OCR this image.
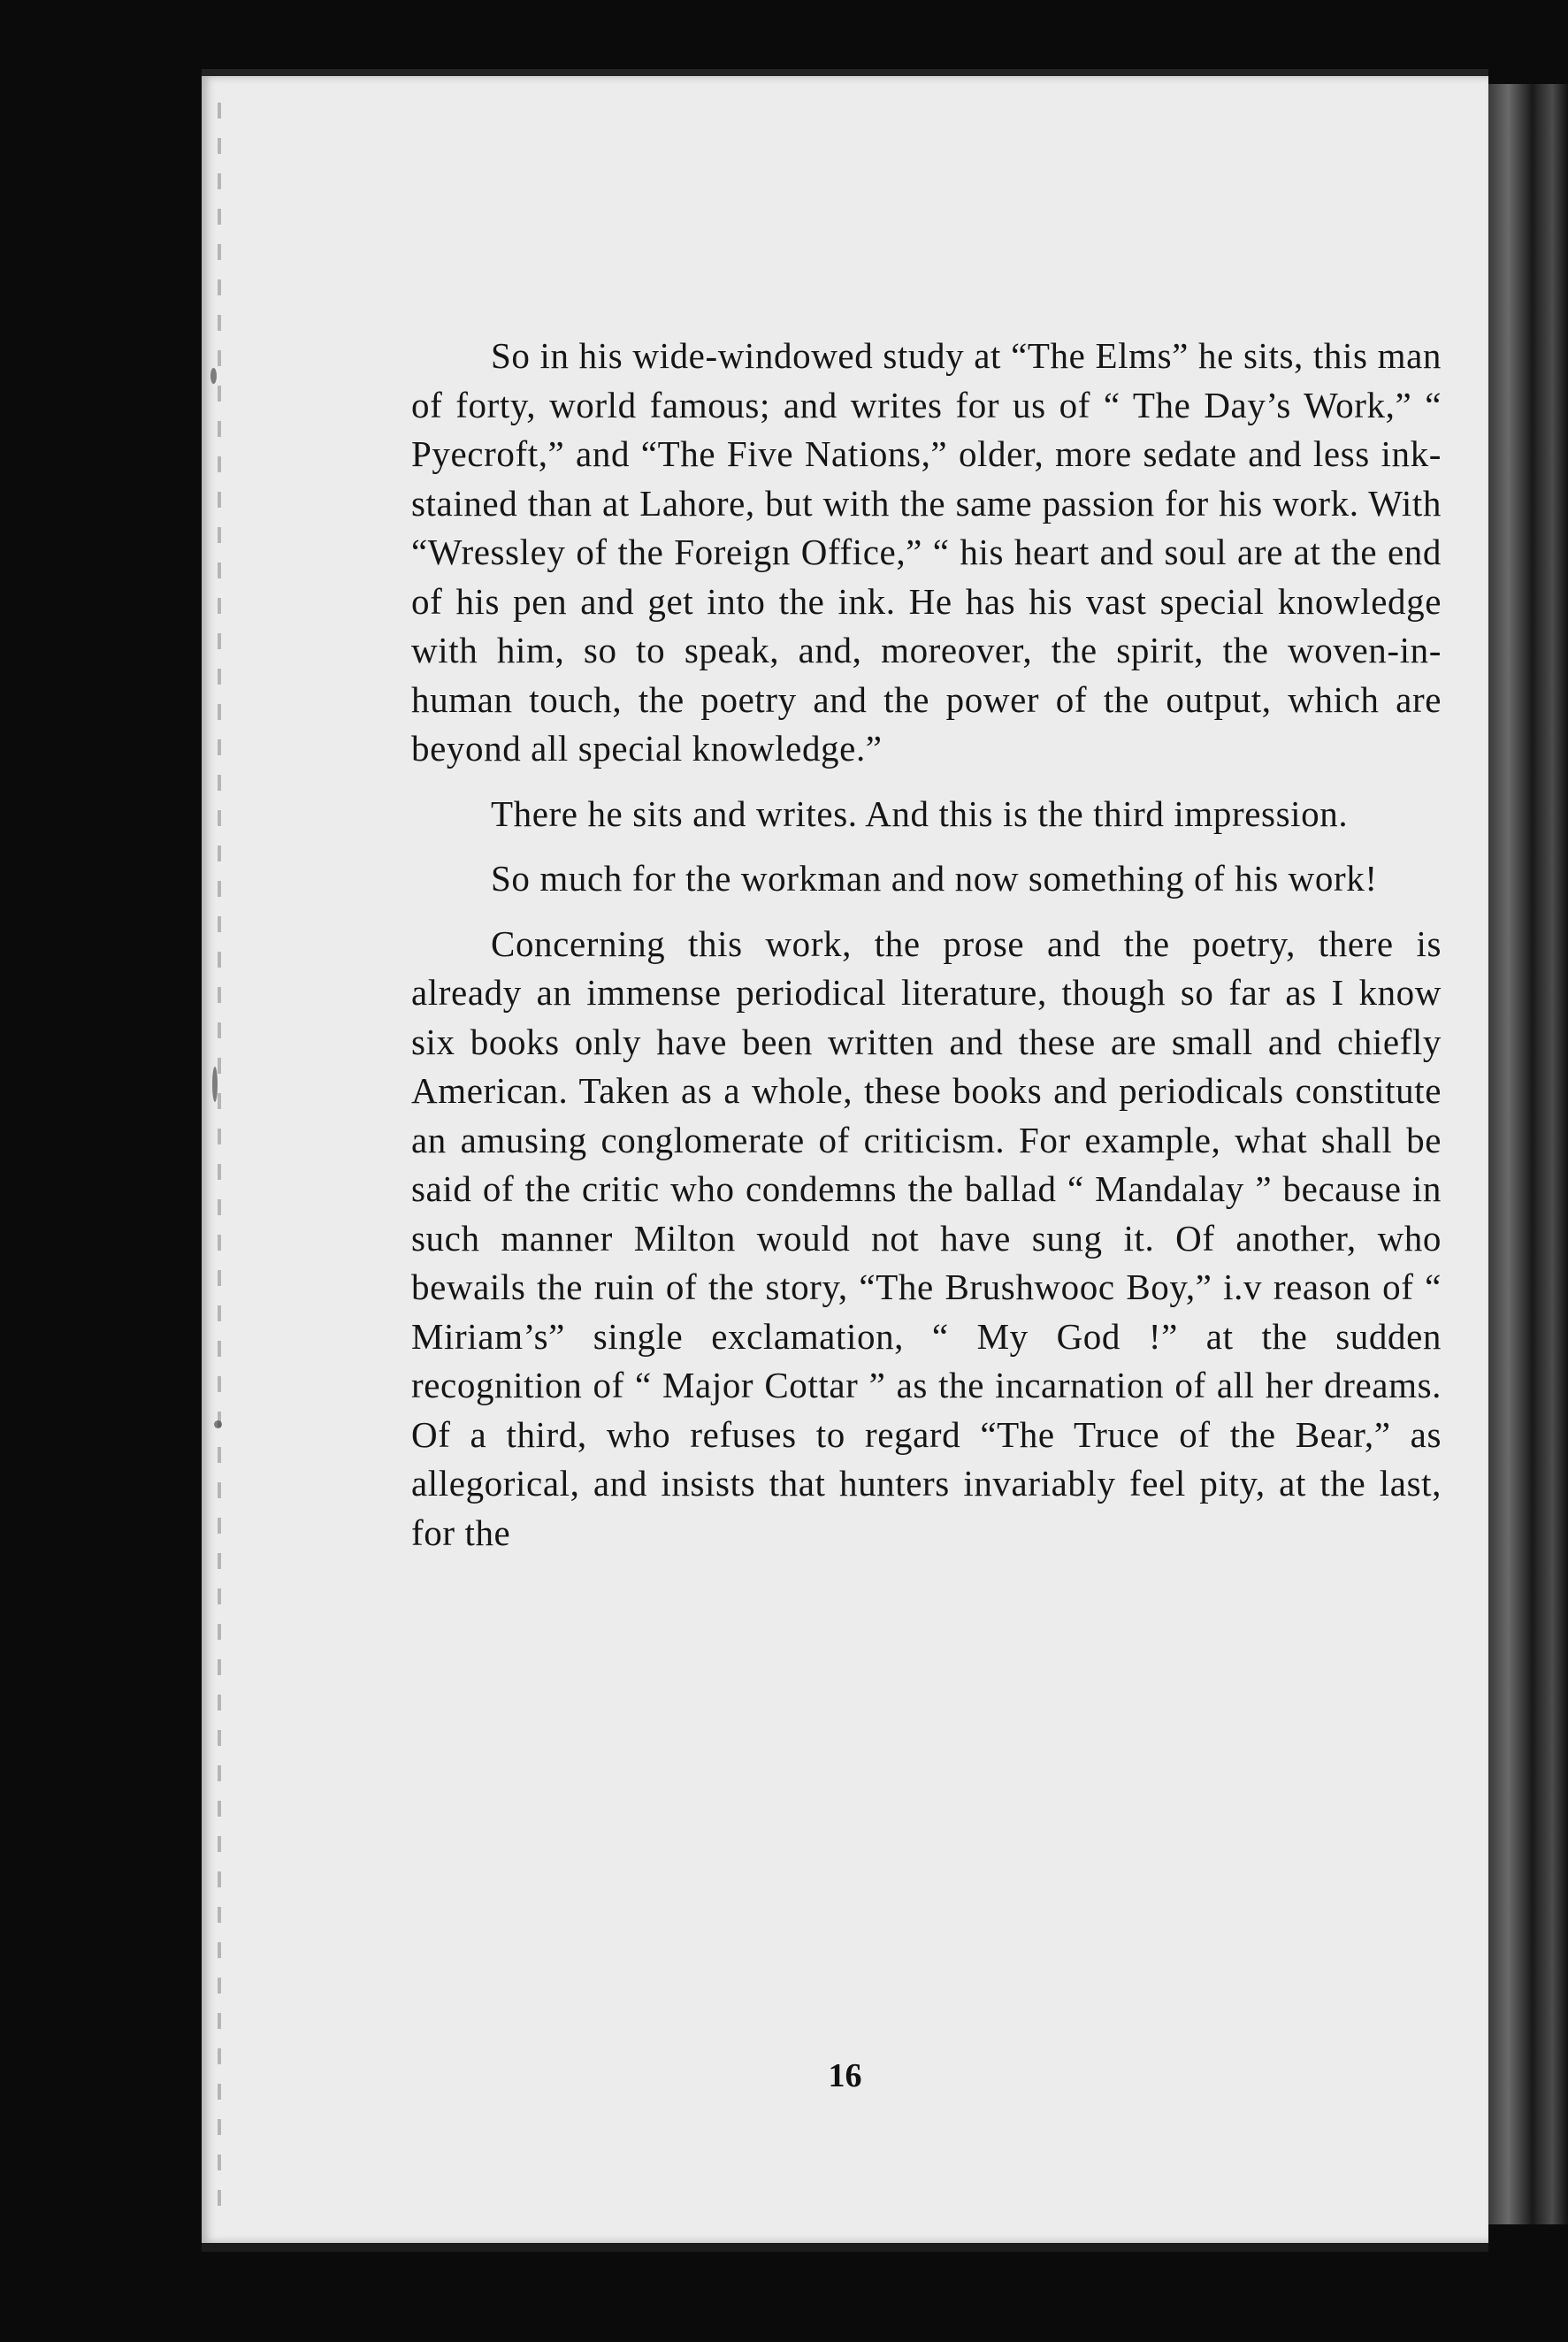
So in his wide-windowed study at “The Elms” he sits, this man of forty, world famous; and writes for us of “ The Day’s Work,” “ Pyecroft,” and “The Five Nations,” older, more sedate and less ink-stained than at Lahore, but with the same passion for his work. With “Wressley of the Foreign Office,” “ his heart and soul are at the end of his pen and get into the ink. He has his vast special knowledge with him, so to speak, and, moreover, the spirit, the woven-in- human touch, the poetry and the power of the output, which are beyond all special knowledge.”

There he sits and writes. And this is the third impression.

So much for the workman and now something of his work!

Concerning this work, the prose and the poetry, there is already an immense periodical literature, though so far as I know six books only have been written and these are small and chiefly American. Taken as a whole, these books and periodicals constitute an amusing conglomerate of criticism. For example, what shall be said of the critic who condemns the ballad “ Mandalay ” because in such manner Milton would not have sung it. Of another, who bewails the ruin of the story, “The Brushwooc Boy,” i.v reason of “ Miriam’s” single exclamation, “ My God !” at the sudden recognition of “ Major Cottar ” as the incarnation of all her dreams. Of a third, who refuses to regard “The Truce of the Bear,” as allegorical, and insists that hunters invariably feel pity, at the last, for the

16
